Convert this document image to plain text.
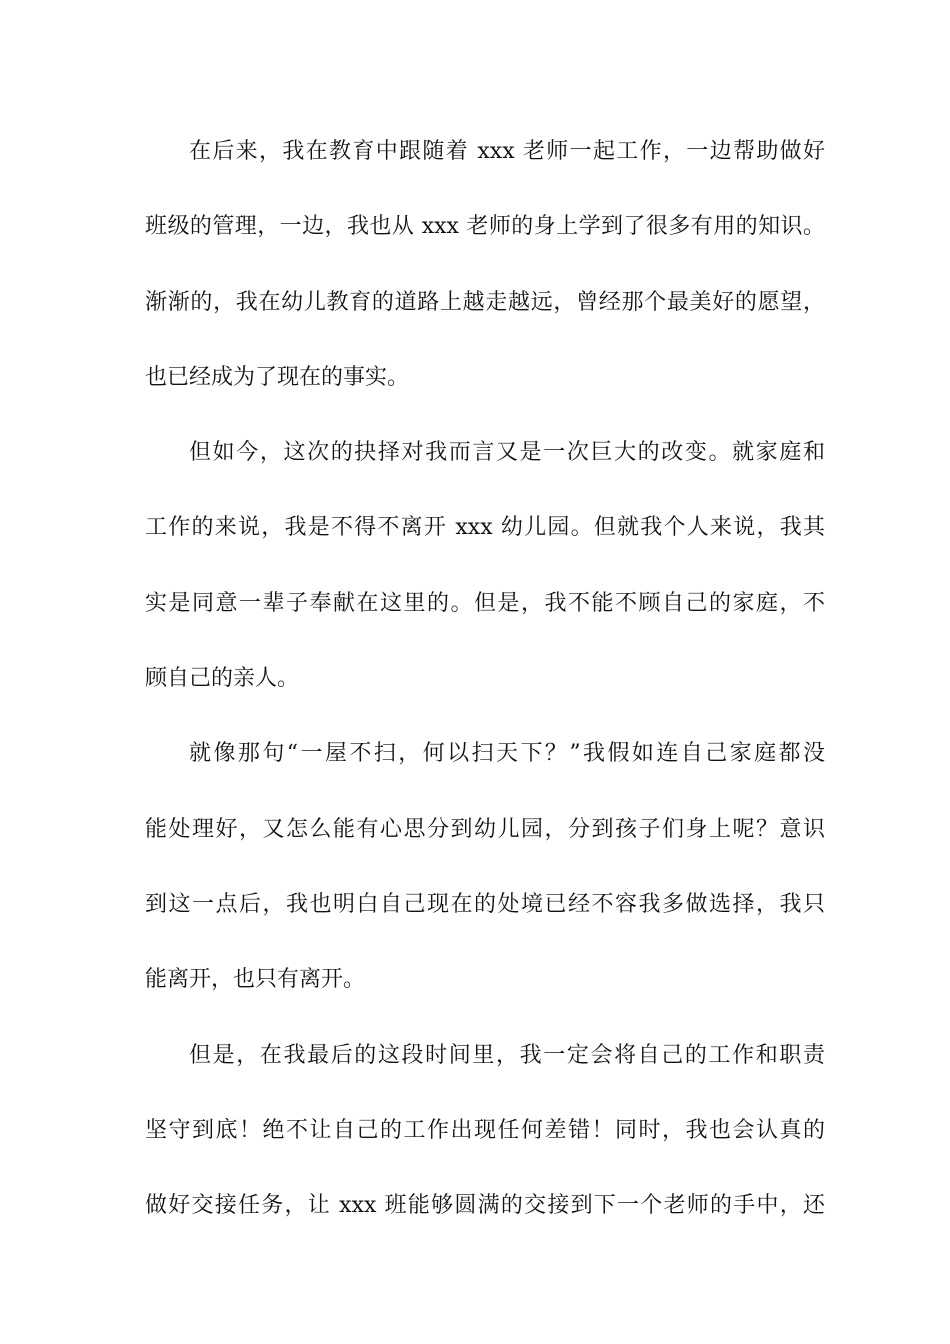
在后来，我在教育中跟随着 xxx 老师一起工作，一边帮助做好
班级的管理，一边，我也从 xxx 老师的身上学到了很多有用的知识。
渐渐的，我在幼儿教育的道路上越走越远，曾经那个最美好的愿望，
也已经成为了现在的事实。
但如今，这次的抉择对我而言又是一次巨大的改变。就家庭和
工作的来说，我是不得不离开 xxx 幼儿园。但就我个人来说，我其
实是同意一辈子奉献在这里的。但是，我不能不顾自己的家庭，不
顾自己的亲人。
就像那句“一屋不扫，何以扫天下？”我假如连自己家庭都没
能处理好，又怎么能有心思分到幼儿园，分到孩子们身上呢？意识
到这一点后，我也明白自己现在的处境已经不容我多做选择，我只
能离开，也只有离开。
但是，在我最后的这段时间里，我一定会将自己的工作和职责
坚守到底！绝不让自己的工作出现任何差错！同时，我也会认真的
做好交接任务，让 xxx 班能够圆满的交接到下一个老师的手中，还
